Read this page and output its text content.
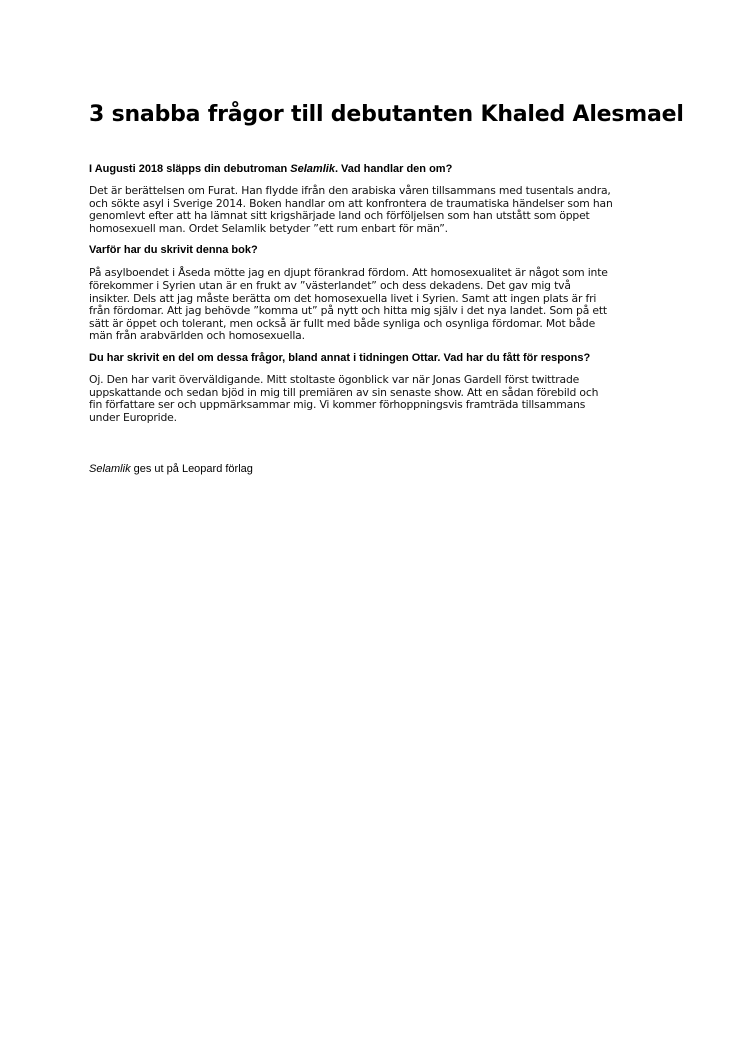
3 snabba frågor till debutanten Khaled Alesmael

I Augusti 2018 släpps din debutroman Selamlik. Vad handlar den om?

Det är berättelsen om Furat. Han flydde ifrån den arabiska våren tillsammans med tusentals andra,
och sökte asyl i Sverige 2014. Boken handlar om att konfrontera de traumatiska händelser som han
genomlevt efter att ha lämnat sitt krigshärjade land och förföljelsen som han utstått som öppet
homosexuell man. Ordet Selamlik betyder ”ett rum enbart för män”.

Varför har du skrivit denna bok?

På asylboendet i Åseda mötte jag en djupt förankrad fördom. Att homosexualitet är något som inte
förekommer i Syrien utan är en frukt av ”västerlandet” och dess dekadens. Det gav mig två
insikter. Dels att jag måste berätta om det homosexuella livet i Syrien. Samt att ingen plats är fri
från fördomar. Att jag behövde ”komma ut” på nytt och hitta mig själv i det nya landet. Som på ett
sätt är öppet och tolerant, men också är fullt med både synliga och osynliga fördomar. Mot både
män från arabvärlden och homosexuella.

Du har skrivit en del om dessa frågor, bland annat i tidningen Ottar. Vad har du fått för respons?

Oj. Den har varit överväldigande. Mitt stoltaste ögonblick var när Jonas Gardell först twittrade
uppskattande och sedan bjöd in mig till premiären av sin senaste show. Att en sådan förebild och
fin författare ser och uppmärksammar mig. Vi kommer förhoppningsvis framträda tillsammans
under Europride.

Selamlik ges ut på Leopard förlag
